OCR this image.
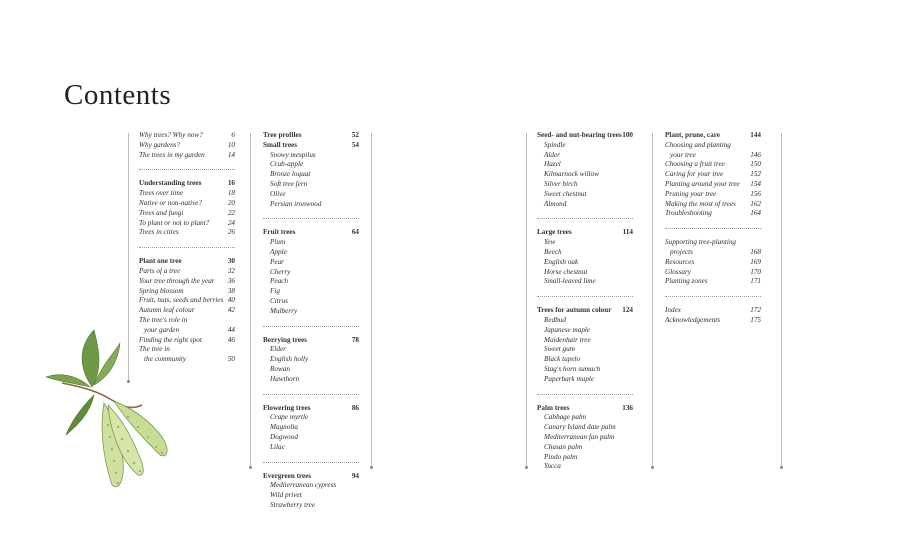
Contents
Why trees? Why now?	6
Why gardens?	10
The trees in my garden	14
Understanding trees	16
Trees over time	18
Native or non-native?	20
Trees and fungi	22
To plant or not to plant?	24
Trees in cities	26
Plant one tree	30
Parts of a tree	32
Your tree through the year 36
Spring blossom	38
Fruit, nuts, seeds and berries 40
Autumn leaf colour	42
The tree's role in
your garden	44
Finding the right spot	46
The tree in
the community	50
Tree profiles	52
Small trees	54
Snowy mespilus
Crab-apple
Bronze loquat
Soft tree fern
Olive
Persian ironwood
Fruit trees	64
Plum
Apple
Pear
Cherry
Peach
Fig
Citrus
Mulberry
Berrying trees	78
Elder
English holly
Rowan
Hawthorn
Flowering trees	86
Crape myrtle
Magnolia
Dogwood
Lilac
Evergreen trees	94
Mediterranean cypress
Wild privet
Strawberry tree
Seed- and nut-bearing trees 100
Spindle
Alder
Hazel
Kilmarnock willow
Silver birch
Sweet chestnut
Almond
Large trees	114
Yew
Beech
English oak
Horse chestnut
Small-leaved lime
Trees for autumn colour 124
Redbud
Japanese maple
Maidenhair tree
Sweet gum
Black tupelo
Stag's horn sumach
Paperbark maple
Palm trees	136
Cabbage palm
Canary Island date palm
Mediterranean fan palm
Chusan palm
Pindo palm
Yucca
Plant, prune, care	144
Choosing and planting
your tree	146
Choosing a fruit tree	150
Caring for your tree	152
Planting around your tree 154
Pruning your tree	156
Making the most of trees 162
Troubleshooting	164
Supporting tree-planting
projects	168
Resources	169
Glossary	170
Planting zones	171
Index	172
Acknowledgements	175
